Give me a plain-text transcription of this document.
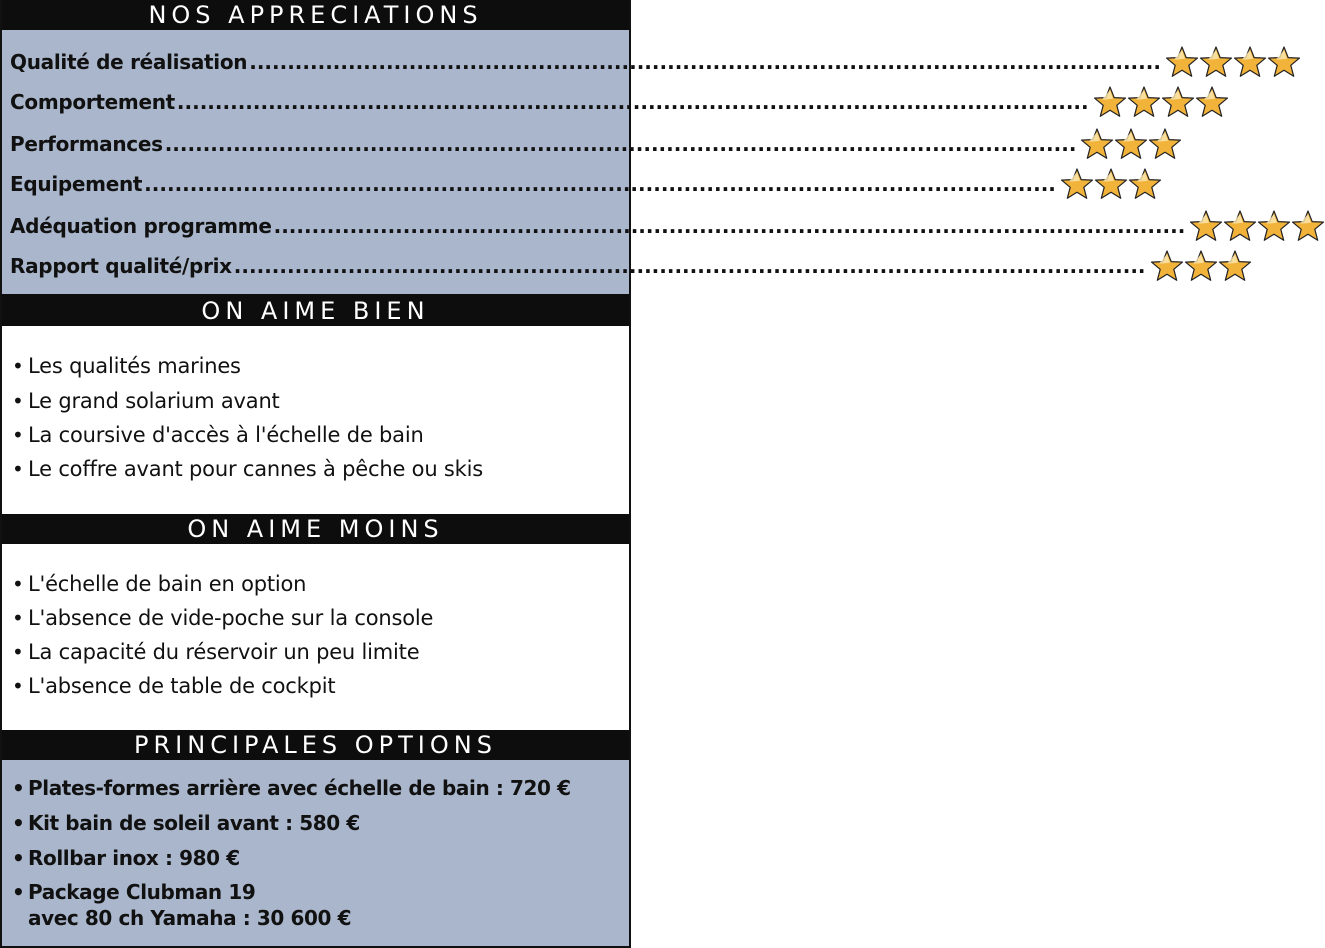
NOS APPRECIATIONS
Qualité de réalisation ........................................................................................................................
Comportement ........................................................................................................................
Performances ........................................................................................................................
Equipement ........................................................................................................................
Adéquation programme ........................................................................................................................
Rapport qualité/prix ........................................................................................................................
ON AIME BIEN
• Les qualités marines
• Le grand solarium avant
• La coursive d'accès à l'échelle de bain
• Le coffre avant pour cannes à pêche ou skis
ON AIME MOINS
• L'échelle de bain en option
• L'absence de vide-poche sur la console
• La capacité du réservoir un peu limite
• L'absence de table de cockpit
PRINCIPALES OPTIONS
• Plates-formes arrière avec échelle de bain : 720 €
• Kit bain de soleil avant : 580 €
• Rollbar inox : 980 €
• Package Clubman 19
avec 80 ch Yamaha : 30 600 €
